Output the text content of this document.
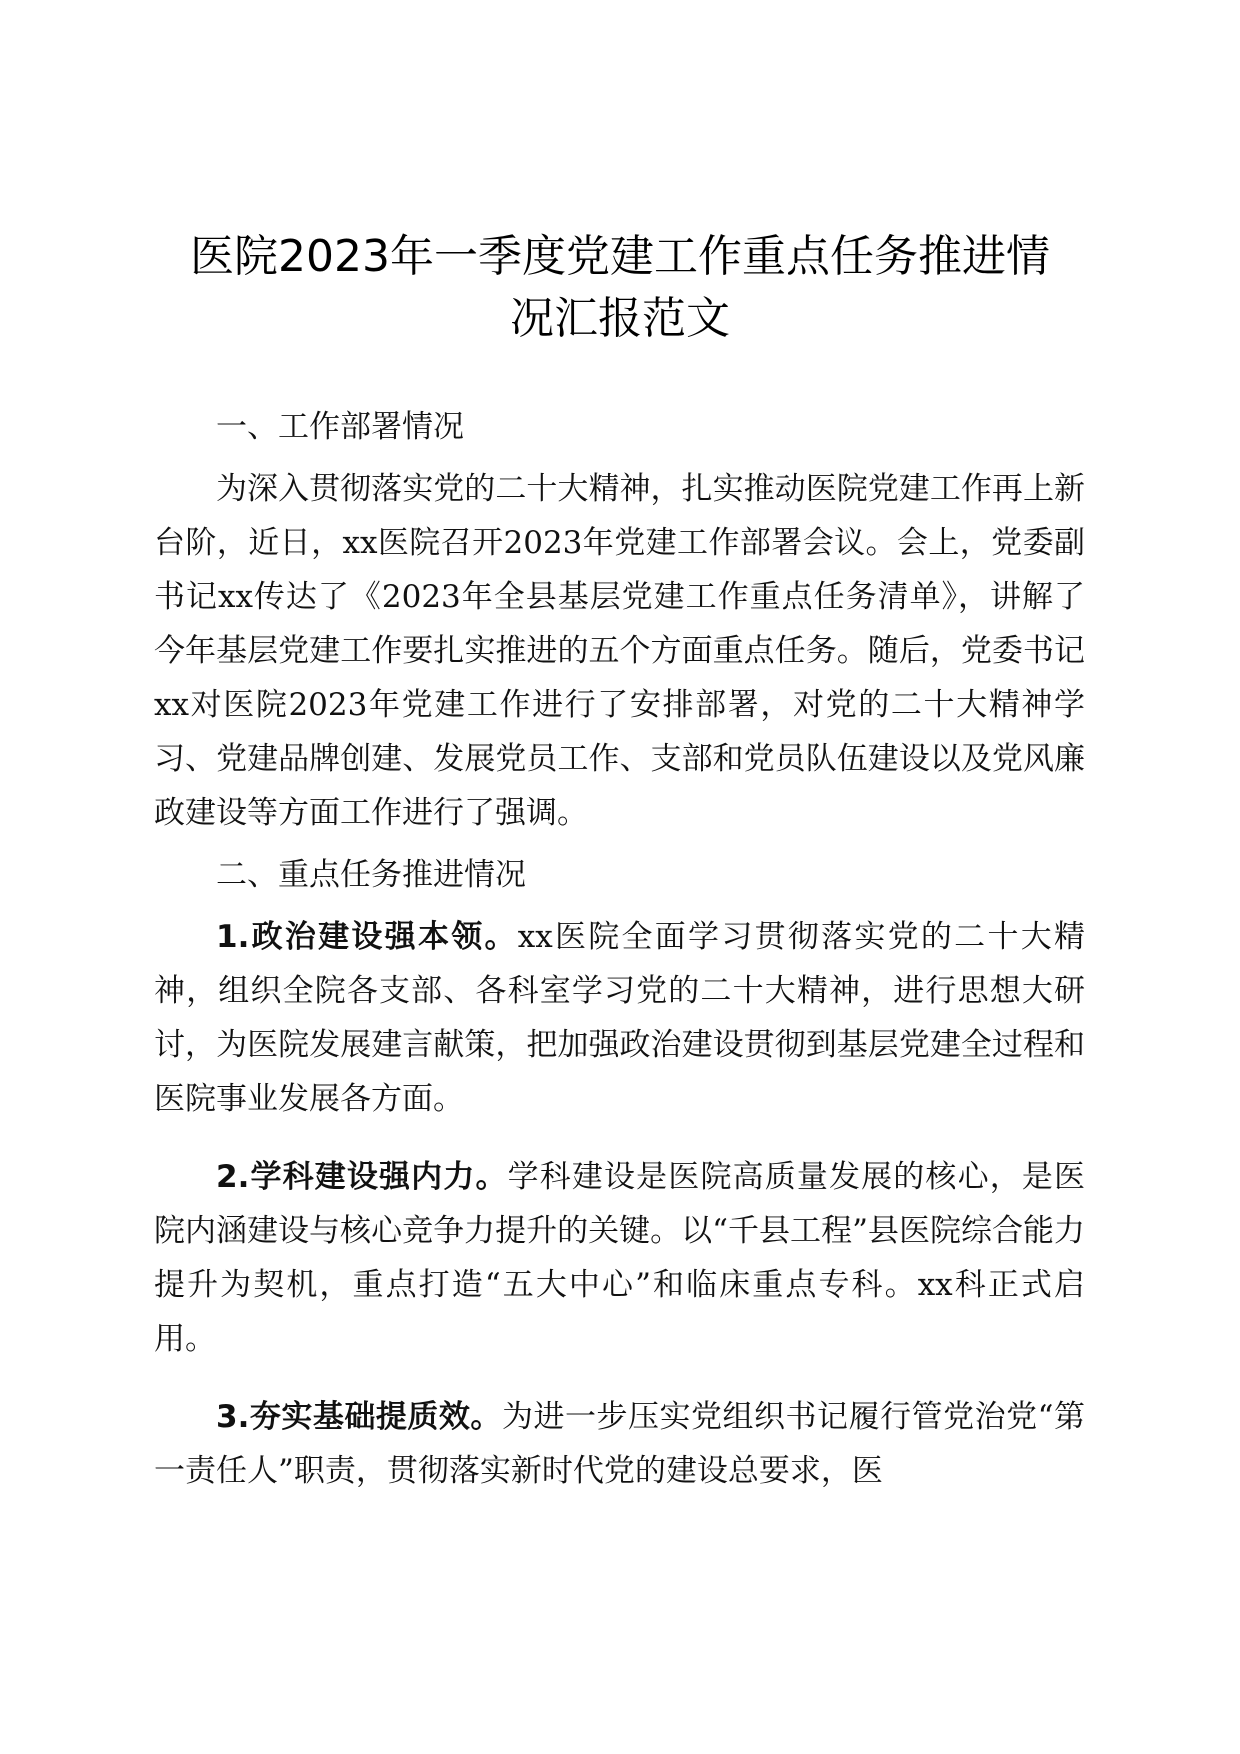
医院2023年一季度党建工作重点任务推进情
况汇报范文

一、工作部署情况

为深入贯彻落实党的二十大精神，扎实推动医院党建工作再上新台阶，近日，xx医院召开2023年党建工作部署会议。会上，党委副书记xx传达了《2023年全县基层党建工作重点任务清单》，讲解了今年基层党建工作要扎实推进的五个方面重点任务。随后，党委书记xx对医院2023年党建工作进行了安排部署，对党的二十大精神学习、党建品牌创建、发展党员工作、支部和党员队伍建设以及党风廉政建设等方面工作进行了强调。

二、重点任务推进情况

1.政治建设强本领。xx医院全面学习贯彻落实党的二十大精神，组织全院各支部、各科室学习党的二十大精神，进行思想大研讨，为医院发展建言献策，把加强政治建设贯彻到基层党建全过程和医院事业发展各方面。

2.学科建设强内力。学科建设是医院高质量发展的核心，是医院内涵建设与核心竞争力提升的关键。以“千县工程”县医院综合能力提升为契机，重点打造“五大中心”和临床重点专科。xx科正式启用。

3.夯实基础提质效。为进一步压实党组织书记履行管党治党“第一责任人”职责，贯彻落实新时代党的建设总要求，医
